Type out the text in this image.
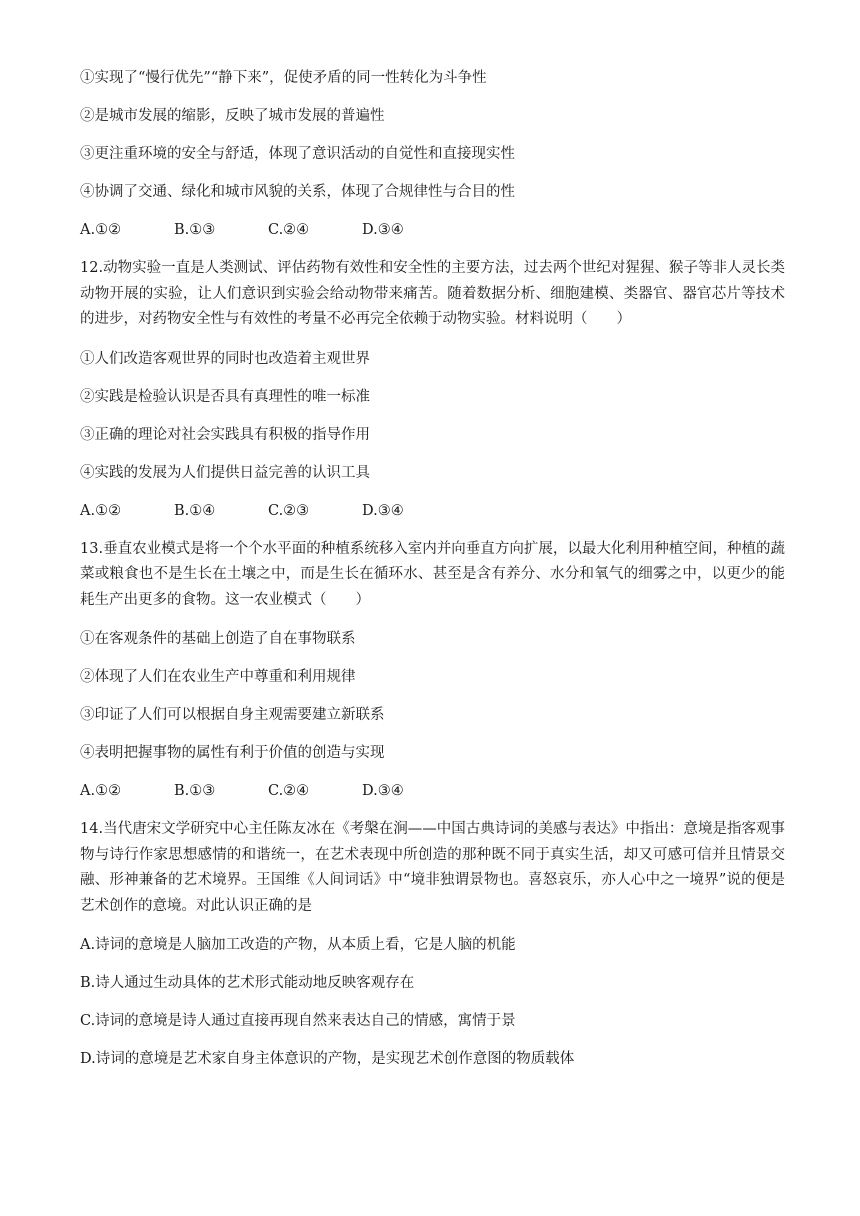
①实现了“慢行优先”“静下来”，促使矛盾的同一性转化为斗争性

②是城市发展的缩影，反映了城市发展的普遍性

③更注重环境的安全与舒适，体现了意识活动的自觉性和直接现实性

④协调了交通、绿化和城市风貌的关系，体现了合规律性与合目的性

A.①②	B.①③	C.②④	D.③④

12.动物实验一直是人类测试、评估药物有效性和安全性的主要方法，过去两个世纪对猩猩、猴子等非人灵长类动物开展的实验，让人们意识到实验会给动物带来痛苦。随着数据分析、细胞建模、类器官、器官芯片等技术的进步，对药物安全性与有效性的考量不必再完全依赖于动物实验。材料说明（　　）

①人们改造客观世界的同时也改造着主观世界

②实践是检验认识是否具有真理性的唯一标准

③正确的理论对社会实践具有积极的指导作用

④实践的发展为人们提供日益完善的认识工具

A.①②	B.①④	C.②③	D.③④

13.垂直农业模式是将一个个水平面的种植系统移入室内并向垂直方向扩展，以最大化利用种植空间，种植的蔬菜或粮食也不是生长在土壤之中，而是生长在循环水、甚至是含有养分、水分和氧气的细雾之中，以更少的能耗生产出更多的食物。这一农业模式（　　）

①在客观条件的基础上创造了自在事物联系

②体现了人们在农业生产中尊重和利用规律

③印证了人们可以根据自身主观需要建立新联系

④表明把握事物的属性有利于价值的创造与实现

A.①②	B.①③	C.②④	D.③④

14.当代唐宋文学研究中心主任陈友冰在《考槃在涧——中国古典诗词的美感与表达》中指出：意境是指客观事物与诗行作家思想感情的和谐统一，在艺术表现中所创造的那种既不同于真实生活，却又可感可信并且情景交融、形神兼备的艺术境界。王国维《人间词话》中“境非独谓景物也。喜怒哀乐，亦人心中之一境界”说的便是艺术创作的意境。对此认识正确的是

A.诗词的意境是人脑加工改造的产物，从本质上看，它是人脑的机能

B.诗人通过生动具体的艺术形式能动地反映客观存在

C.诗词的意境是诗人通过直接再现自然来表达自己的情感，寓情于景

D.诗词的意境是艺术家自身主体意识的产物，是实现艺术创作意图的物质载体
